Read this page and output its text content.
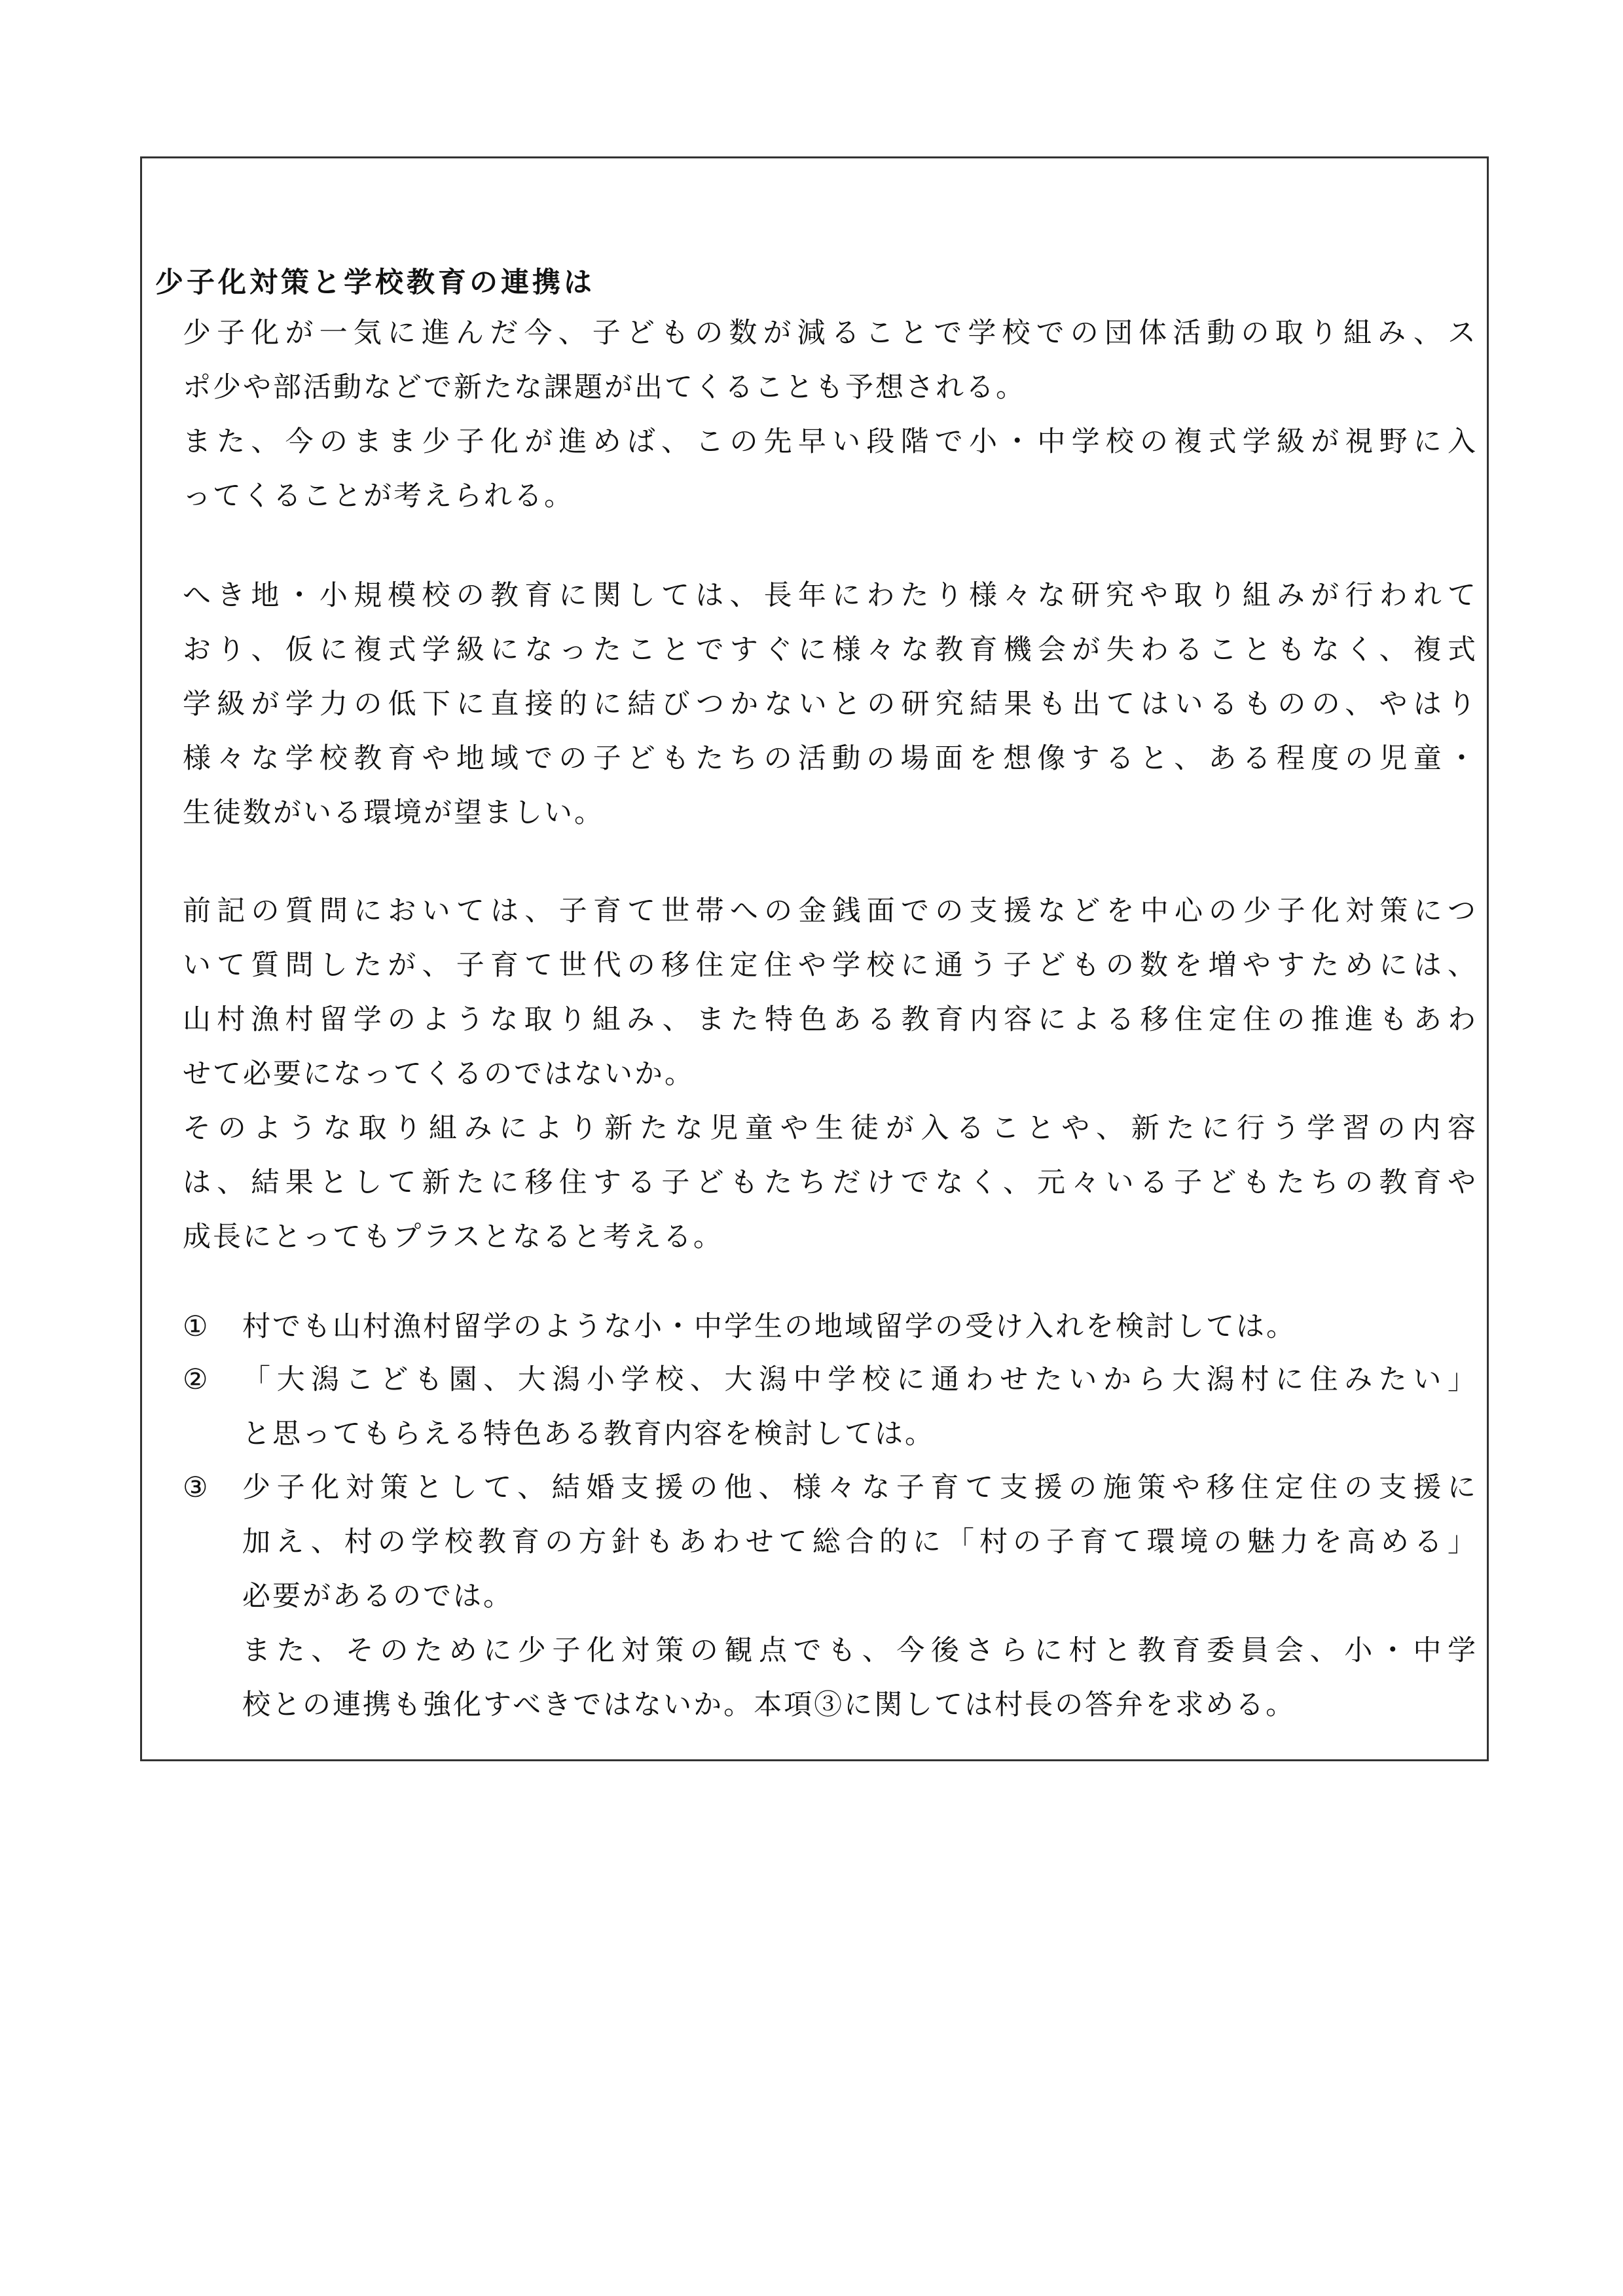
少子化対策と学校教育の連携は

少子化が一気に進んだ今、子どもの数が減ることで学校での団体活動の取り組み、ス

ポ少や部活動などで新たな課題が出てくることも予想される。

また、今のまま少子化が進めば、この先早い段階で小・中学校の複式学級が視野に入

ってくることが考えられる。

へき地・小規模校の教育に関しては、長年にわたり様々な研究や取り組みが行われて

おり、仮に複式学級になったことですぐに様々な教育機会が失わることもなく、複式

学級が学力の低下に直接的に結びつかないとの研究結果も出てはいるものの、やはり

様々な学校教育や地域での子どもたちの活動の場面を想像すると、ある程度の児童・

生徒数がいる環境が望ましい。

前記の質問においては、子育て世帯への金銭面での支援などを中心の少子化対策につ

いて質問したが、子育て世代の移住定住や学校に通う子どもの数を増やすためには、

山村漁村留学のような取り組み、また特色ある教育内容による移住定住の推進もあわ

せて必要になってくるのではないか。

そのような取り組みにより新たな児童や生徒が入ることや、新たに行う学習の内容

は、結果として新たに移住する子どもたちだけでなく、元々いる子どもたちの教育や

成長にとってもプラスとなると考える。

① 村でも山村漁村留学のような小・中学生の地域留学の受け入れを検討しては。

② 「大潟こども園、大潟小学校、大潟中学校に通わせたいから大潟村に住みたい」

と思ってもらえる特色ある教育内容を検討しては。

③ 少子化対策として、結婚支援の他、様々な子育て支援の施策や移住定住の支援に

加え、村の学校教育の方針もあわせて総合的に「村の子育て環境の魅力を高める」

必要があるのでは。

また、そのために少子化対策の観点でも、今後さらに村と教育委員会、小・中学

校との連携も強化すべきではないか。本項③に関しては村長の答弁を求める。
